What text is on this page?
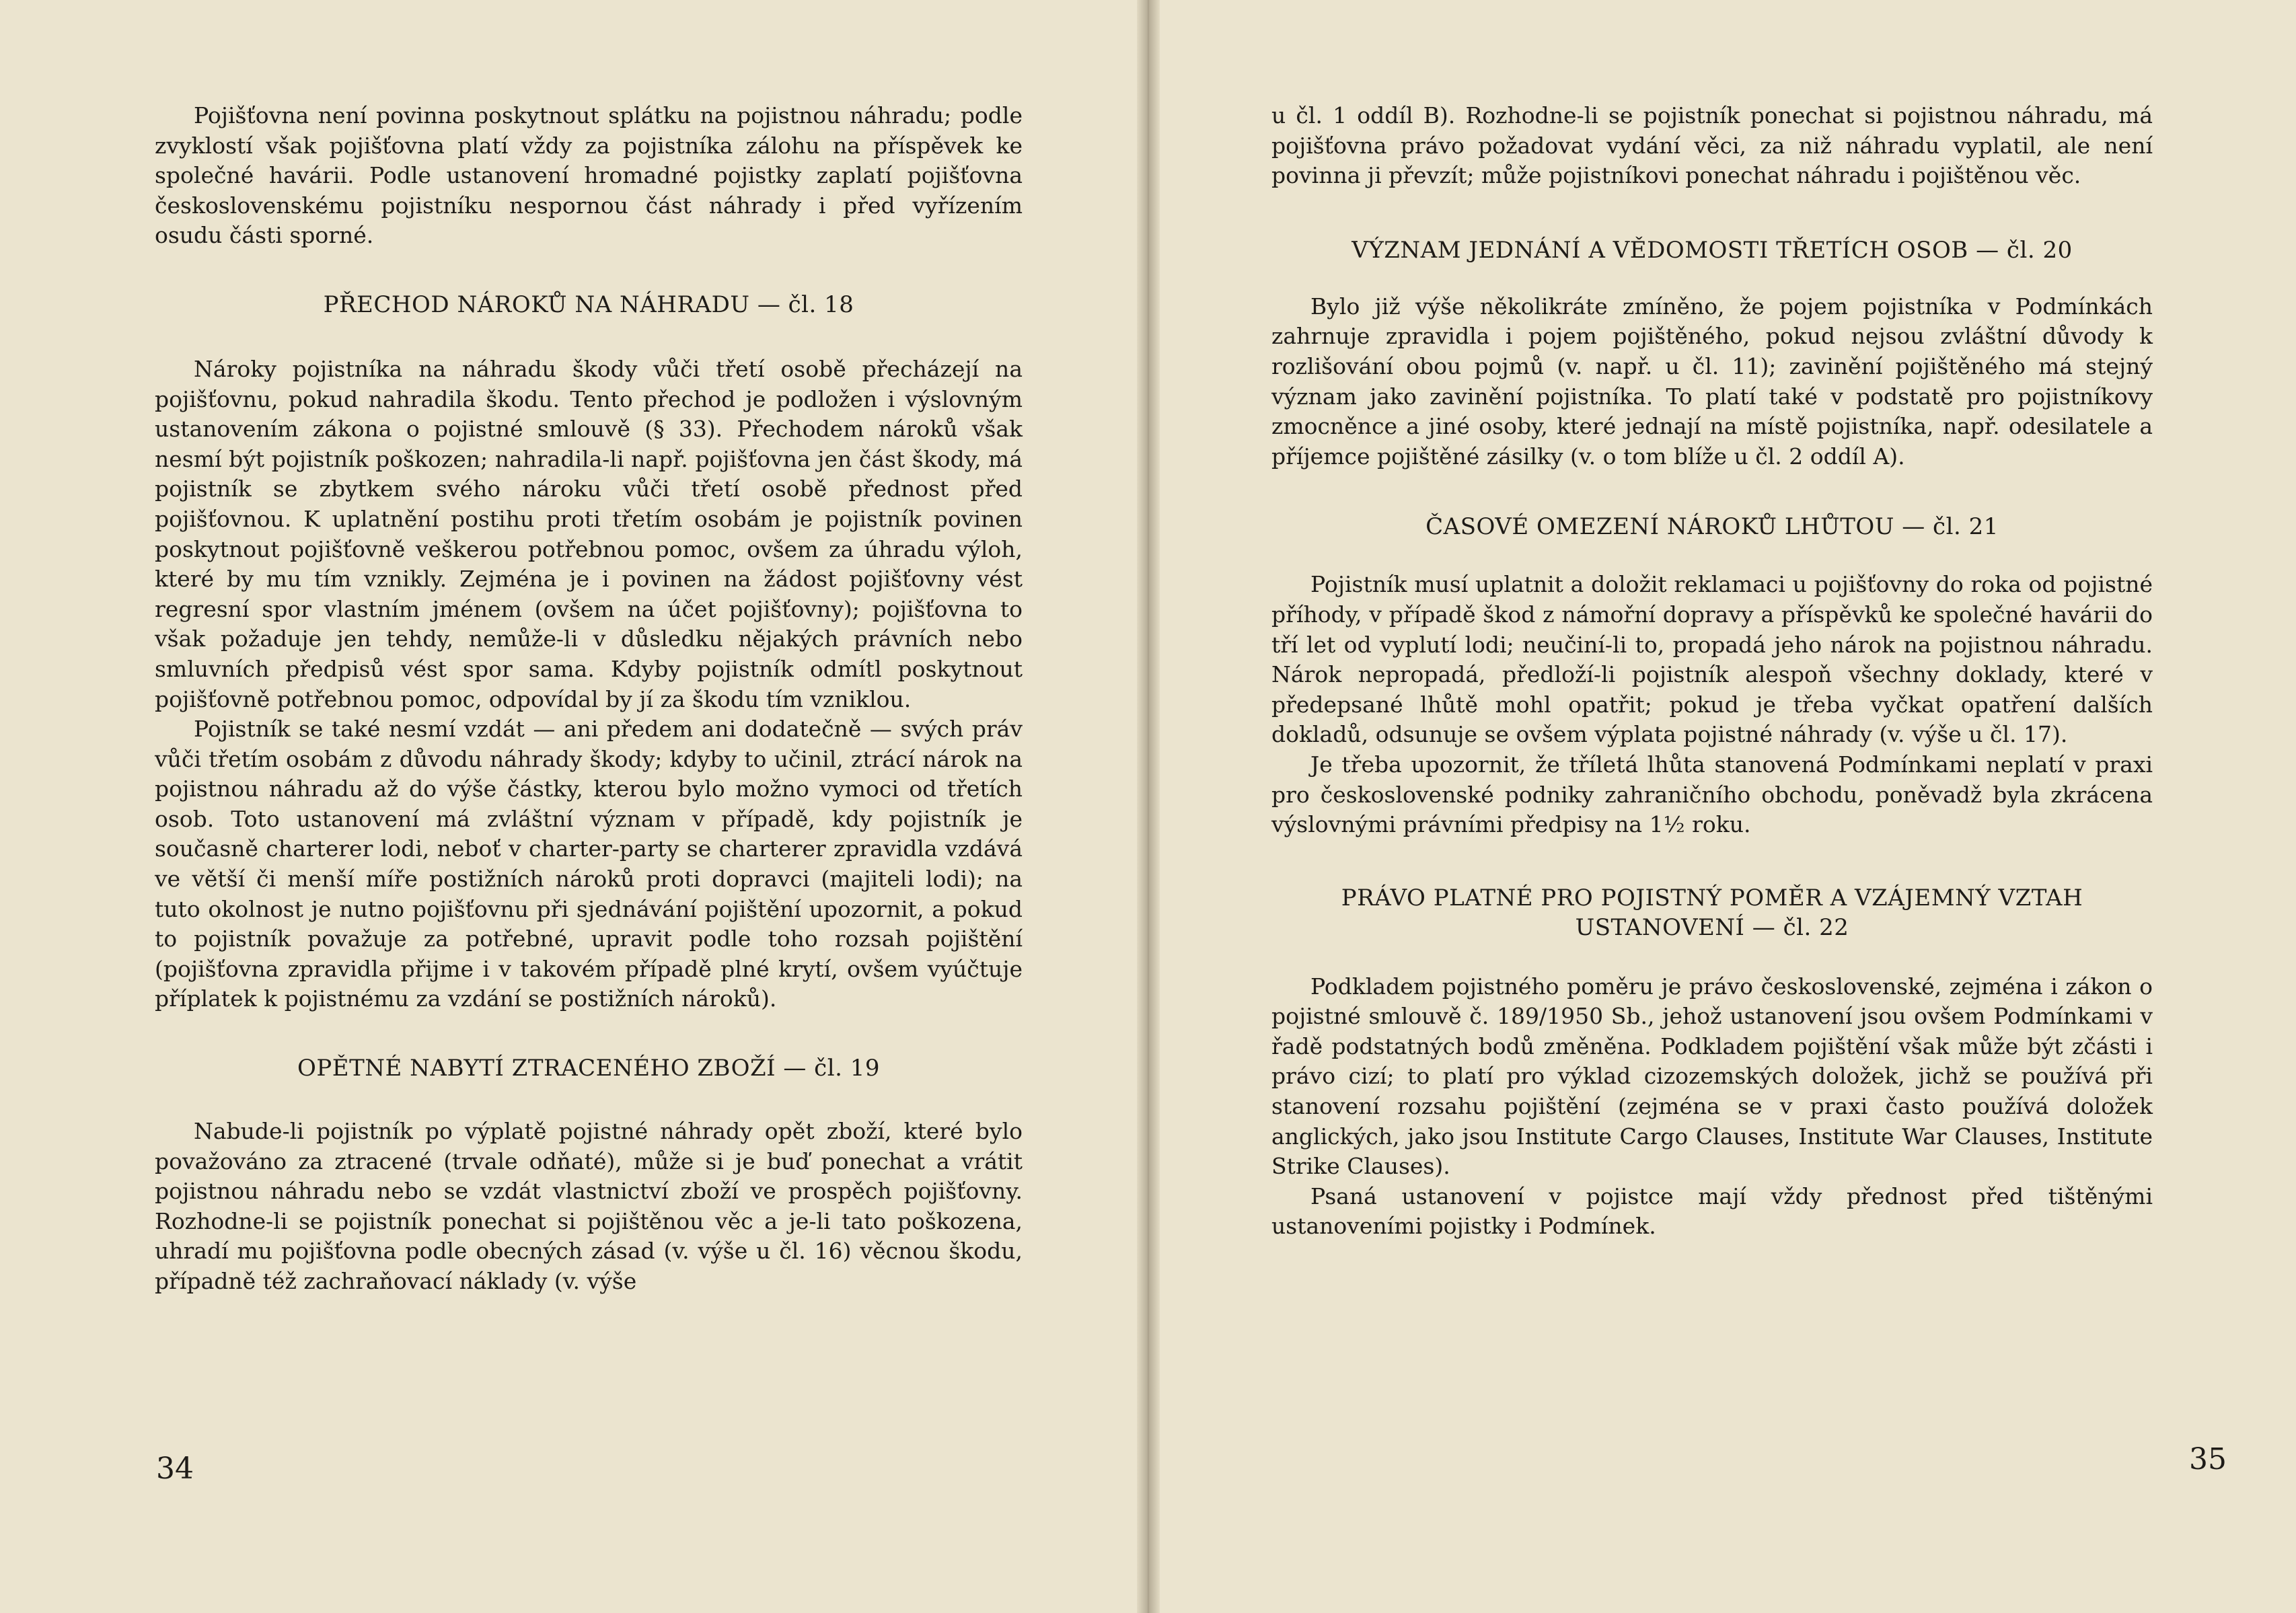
Pojišťovna není povinna poskytnout splátku na pojistnou náhradu; podle zvyklostí však pojišťovna platí vždy za pojistníka zálohu na příspěvek ke společné havárii. Podle ustanovení hromadné pojistky zaplatí pojišťovna československému pojistníku nespornou část náhrady i před vyřízením osudu části sporné.

PŘECHOD NÁROKŮ NA NÁHRADU — čl. 18

Nároky pojistníka na náhradu škody vůči třetí osobě přecházejí na pojišťovnu, pokud nahradila škodu. Tento přechod je podložen i výslovným ustanovením zákona o pojistné smlouvě (§ 33). Přechodem nároků však nesmí být pojistník poškozen; nahradila-li např. pojišťovna jen část škody, má pojistník se zbytkem svého nároku vůči třetí osobě přednost před pojišťovnou. K uplatnění postihu proti třetím osobám je pojistník povinen poskytnout pojišťovně veškerou potřebnou pomoc, ovšem za úhradu výloh, které by mu tím vznikly. Zejména je i povinen na žádost pojišťovny vést regresní spor vlastním jménem (ovšem na účet pojišťovny); pojišťovna to však požaduje jen tehdy, nemůže-li v důsledku nějakých právních nebo smluvních předpisů vést spor sama. Kdyby pojistník odmítl poskytnout pojišťovně potřebnou pomoc, odpovídal by jí za škodu tím vzniklou.

Pojistník se také nesmí vzdát — ani předem ani dodatečně — svých práv vůči třetím osobám z důvodu náhrady škody; kdyby to učinil, ztrácí nárok na pojistnou náhradu až do výše částky, kterou bylo možno vymoci od třetích osob. Toto ustanovení má zvláštní význam v případě, kdy pojistník je současně charterer lodi, neboť v charter-party se charterer zpravidla vzdává ve větší či menší míře postižních nároků proti dopravci (majiteli lodi); na tuto okolnost je nutno pojišťovnu při sjednávání pojištění upozornit, a pokud to pojistník považuje za potřebné, upravit podle toho rozsah pojištění (pojišťovna zpravidla přijme i v takovém případě plné krytí, ovšem vyúčtuje příplatek k pojistnému za vzdání se postižních nároků).

OPĚTNÉ NABYTÍ ZTRACENÉHO ZBOŽÍ — čl. 19

Nabude-li pojistník po výplatě pojistné náhrady opět zboží, které bylo považováno za ztracené (trvale odňaté), může si je buď ponechat a vrátit pojistnou náhradu nebo se vzdát vlastnictví zboží ve prospěch pojišťovny. Rozhodne-li se pojistník ponechat si pojištěnou věc a je-li tato poškozena, uhradí mu pojišťovna podle obecných zásad (v. výše u čl. 16) věcnou škodu, případně též zachraňovací náklady (v. výše

34

u čl. 1 oddíl B). Rozhodne-li se pojistník ponechat si pojistnou náhradu, má pojišťovna právo požadovat vydání věci, za niž náhradu vyplatil, ale není povinna ji převzít; může pojistníkovi ponechat náhradu i pojištěnou věc.

VÝZNAM JEDNÁNÍ A VĚDOMOSTI TŘETÍCH OSOB — čl. 20

Bylo již výše několikráte zmíněno, že pojem pojistníka v Podmínkách zahrnuje zpravidla i pojem pojištěného, pokud nejsou zvláštní důvody k rozlišování obou pojmů (v. např. u čl. 11); zavinění pojištěného má stejný význam jako zavinění pojistníka. To platí také v podstatě pro pojistníkovy zmocněnce a jiné osoby, které jednají na místě pojistníka, např. odesilatele a příjemce pojištěné zásilky (v. o tom blíže u čl. 2 oddíl A).

ČASOVÉ OMEZENÍ NÁROKŮ LHŮTOU — čl. 21

Pojistník musí uplatnit a doložit reklamaci u pojišťovny do roka od pojistné příhody, v případě škod z námořní dopravy a příspěvků ke společné havárii do tří let od vyplutí lodi; neučiní-li to, propadá jeho nárok na pojistnou náhradu. Nárok nepropadá, předloží-li pojistník alespoň všechny doklady, které v předepsané lhůtě mohl opatřit; pokud je třeba vyčkat opatření dalších dokladů, odsunuje se ovšem výplata pojistné náhrady (v. výše u čl. 17).

Je třeba upozornit, že tříletá lhůta stanovená Podmínkami neplatí v praxi pro československé podniky zahraničního obchodu, poněvadž byla zkrácena výslovnými právními předpisy na 1½ roku.

PRÁVO PLATNÉ PRO POJISTNÝ POMĚR A VZÁJEMNÝ VZTAH
USTANOVENÍ — čl. 22

Podkladem pojistného poměru je právo československé, zejména i zákon o pojistné smlouvě č. 189/1950 Sb., jehož ustanovení jsou ovšem Podmínkami v řadě podstatných bodů změněna. Podkladem pojištění však může být zčásti i právo cizí; to platí pro výklad cizozemských doložek, jichž se používá při stanovení rozsahu pojištění (zejména se v praxi často používá doložek anglických, jako jsou Institute Cargo Clauses, Institute War Clauses, Institute Strike Clauses).

Psaná ustanovení v pojistce mají vždy přednost před tištěnými ustanoveními pojistky i Podmínek.

35
